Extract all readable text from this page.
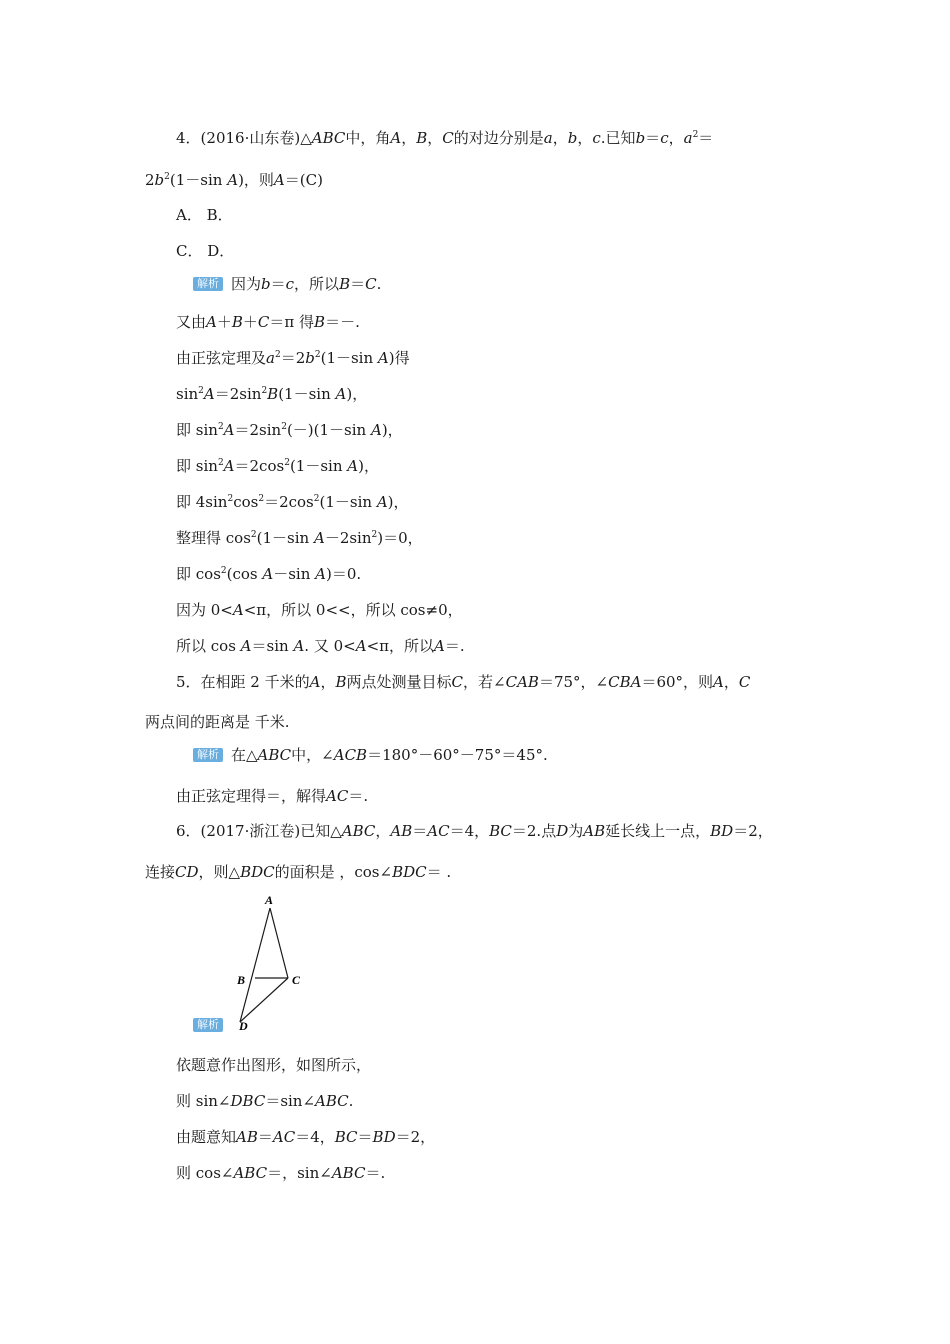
4．(2016·山东卷)△ABC中，角A，B，C的对边分别是a，b，c.已知b＝c，$a^2=$
$2b^2(1-\sin$ A)，则A＝(C)
A． B．
C． D．
解析 因为b＝c，所以B＝C.
又由A＋B＋C＝π 得B＝－.
由正弦定理及$a^2=2b^2(1-\sin$ A)得
$\sin^2A=2\sin^2B(1-\sin$ A)，
即 $\sin^2A=2\sin^2(-)(1-\sin$ A)，
即 $\sin^2A=2\cos^2(1-\sin$ A)，
即 $4\sin^2\cos^2=2\cos^2(1-\sin$ A)，
整理得 $\cos^2(1-\sin$ $A-2\sin^2)=0$，
即 $\cos^2(\cos$ A－sin A)＝0.
因为 0<A<π，所以 0<<，所以 cos≠0，
所以 cos A＝sin A. 又 0<A<π，所以A＝.
5．在相距 2 千米的A，B两点处测量目标C，若∠CAB＝75°，∠CBA＝60°，则A，C
两点间的距离是 千米.
解析 在△ABC中，∠ACB＝180°－60°－75°＝45°.
由正弦定理得＝，解得AC＝.
6．(2017·浙江卷)已知△ABC，AB＝AC＝4，BC＝2.点D为AB延长线上一点，BD＝2，
连接CD，则△BDC的面积是 ，cos∠BDC＝ .
A
B	C
D
解析
依题意作出图形，如图所示，
则 sin∠DBC＝sin∠ABC.
由题意知AB＝AC＝4，BC＝BD＝2，
则 cos∠ABC＝，sin∠ABC＝.
